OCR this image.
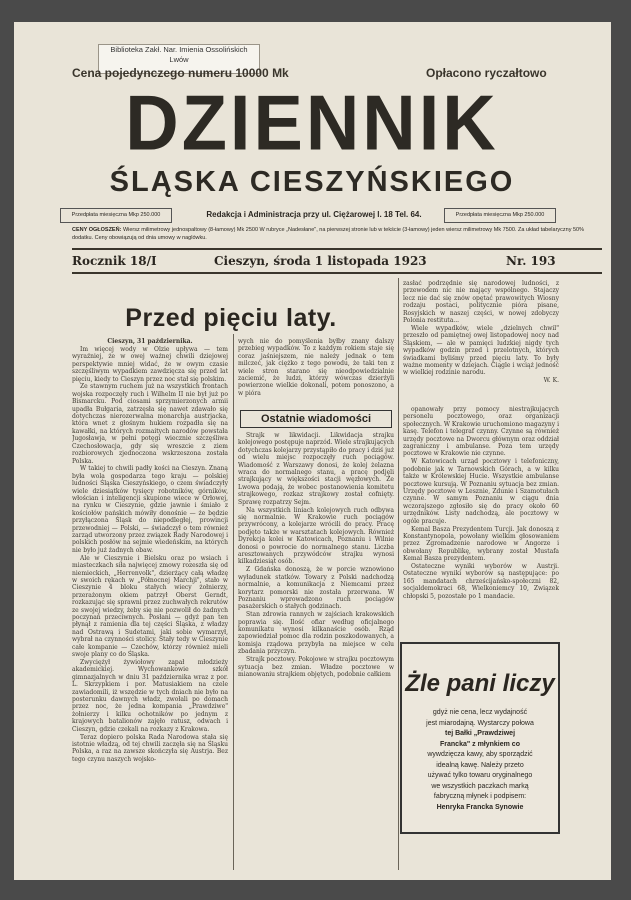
Biblioteka Zakł. Nar. Imienia Ossolińskich
Lwów
Cena pojedynczego numeru 10000 Mk	Opłacono ryczałtowo
DZIENNIK
ŚLĄSKA CIESZYŃSKIEGO
Przedpłata miesięczna Mkp 250.000	Redakcja i Administracja przy ul. Ciężarowej l. 18 Tel. 64.	Przedpłata miesięczna Mkp 250.000
CENY OGŁOSZEŃ: Wiersz milimetrowy jednospaltowy (8-łamowy) Mk 2500 W rubryce „Nadesłane", na pierwszej stronie lub w tekście (3-łamowy) jeden wiersz milimetrowy Mk 7500. Za układ tabelaryczny 50% dodatku. Ceny obowiązują od dnia umowy w naglówku.
Rocznik 18/I	Cieszyn, środa 1 listopada 1923	Nr. 193
Przed pięciu laty.

Cieszyn, 31 października.

Im więcej wody w Olzie upływa — tem wyraźniej, że w owej ważnej chwili dziejowej perspektywie mniej widać, że w owym czasie szczęśliwym wypadkiem zawdzięcza się przed lat pięciu, kiedy to Cieszyn przez noc stał się polskim.

Ze stawnym ruchem już na wszystkich frontach wojska rozpoczęły ruch i Wilhelm II nie był już po Bismarcku. Pod ciosami sprzymierzonych armii upadła Bułgaria, zatrzęsła się nawet zdawało się dotychczas nierozerwalna monarchja austrjacka, która wnet z głośnym hukiem rozpadła się na kawałki, na których rozmaitych narodów powstała Jugosławja, w pełni potęgi wiecznie szczęśliwa Czechosłowacja, gdy się wreszcie z ziem rozbiorowych zjednoczona wskrzeszona została Polska.

W takiej to chwili padły kości na Cieszyn. Znaną była wola gospodarza tego kraju — polskiej ludności Śląska Cieszyńskiego, o czem świadczyły wiele dziesiątków tysięcy robotników, górników, włościan i inteligencji skupione wiece w Orłowej, na rynku w Cieszynie, gdzie jawnie i śmiało z kościołów pańskich mówiły donośnie — że będzie przyłączona Śląsk do niepodległej, prowincji przewodniej — Polski, — świadczył o tem również zarząd utworzony przez związek Rady Narodowej i polskich posłów na sejmie wiedeńskim, na których nie było już żadnych obaw.

Ale w Cieszynie i Bielsku oraz po wsiach i miasteczkach siła najwięcej zmowy rozeszła się od niemieckich, „Herrenvolk", dzierżący całą władzę w swoich rękach w „Północnej Marchji", stało w Cieszynie 4 bloku stałych wiecy żołnierzy, przerażonym okiem patrzył Oberst Gerndt, rozkazując się sprawni przez zuchwałych rekrutów ze swojej wiedzy, żeby się nie pozwolił do żadnych poczynań przeciwnych. Posłani — gdyż pan ten płynął z ramienia dla tej części Śląska, z władzy nad Ostrawą i Sudetami, jaki sobie wymarzył, wybrał na czynności stolicy. Stały tedy w Cieszynie całe kompanie — Czechów, którzy również mieli swoje plany co do Śląska.

Zwyciężył żywiołowy zapał młodzieży akademickiej. Wychowankowie szkół gimnazjalnych w dniu 31 października wraz z por. L. Skrzypkiem i por. Matusiakiem na czele zawiadomili, iż wszędzie w tych dniach nie było na posterunku dawnych władz, zwołali po domach przez noc, że jedna kompania „Prawdziwe" żołnierzy i kilku ochotników po jednym z krajowych batalionów zajęło ratusz, odwach i Cieszyn, gdzie czekali na rozkazy z Krakowa.

Teraz dopiero polska Rada Narodowa stała się istotnie władzą, od tej chwili zaczęła się na Śląsku Polska, a raz na zawsze skończyła się Austrja. Bez tego czynu naszych wojsko-

wych nie do pomyślenia byłby znany dalszy przebieg wypadków. To z każdym rokiem staje się coraz jaśniejszem, nie należy jednak o tem milczeć, jak ciężko z tego powodu, że taki ten z wiele stron starano się nieodpowiedzialnie zaciemić, że ludzi, którzy wówczas dzierżyli powierzone wielkie dokonali, potem ponoszono, a w pióra

zasłać podrzędnie się narodowej ludności, z przewodem nic nie mający wspólnego. Stajaczy lecz nie dać się znów opętać prawowitych Wiosny rodzaju postaci, politycznie pióra pisane, Rosyjskich w naszej części, w nowej zdobyczy Polonia restituta...

Wiele wypadków, wiele „dzielnych chwil" przeszło od pamiętnej owej listopadowej nocy nad Śląskiem, — ale w pamięci ludzkiej nigdy tych wypadków godzin przed i przelotnych, których świadkami byliśmy przed pięciu laty. To były ważne momenty w dziejach. Ciągle i wciąż jedność w wielkiej rodzinie narodu.

W. K.

Ostatnie wiadomości

Strajk w likwidacji. Likwidacja strajku kolejowego postępuje naprzód. Wiele strajkujących dotychczas kolejarzy przystąpiło do pracy i dziś już od wielu miejsc rozpoczęły ruch pociągów. Wiadomość z Warszawy donosi, że kolej żelazna wraca do normalnego stanu, a pracę podjęli strajkujący w większości stacji węzłowych. Ze Lwowa podają, że wobec postanowienia komitetu strajkowego, rozkaz strajkowy został cofnięty. Sprawę rozpatrzy Sejm.

Na wszystkich liniach kolejowych ruch odbywa się normalnie. W Krakowie ruch pociągów przywrócony, a kolejarze wrócili do pracy. Pracę podjęto także w warsztatach kolejowych. Również Dyrekcja kolei w Katowicach, Poznaniu i Wilnie donosi o powrocie do normalnego stanu. Liczba aresztowanych przywódców strajku wynosi kilkadziesiąt osób.

Z Gdańska donoszą, że w porcie wznowiono wyładunek statków. Towary z Polski nadchodzą normalnie, a komunikacja z Niemcami przez korytarz pomorski nie została przerwana. W Poznaniu wprowadzono ruch pociągów pasażerskich o stałych godzinach.

Stan zdrowia rannych w zajściach krakowskich poprawia się. Ilość ofiar według oficjalnego komunikatu wynosi kilkanaście osób. Rząd zapowiedział pomoc dla rodzin poszkodowanych, a komisja rządowa przybyła na miejsce w celu zbadania przyczyn.

Strajk pocztowy. Pokojowe w strajku pocztowym sytuacja bez zmian. Władze pocztowe w mianowaniu strajkiem objętych, podobnie całkiem

opanowały przy pomocy niestrajkujących personelu pocztowego, oraz organizacji społecznych. W Krakowie uruchomiono magazyny i kasę. Telefon i telegraf czynny. Czynne są również urzędy pocztowe na Dworcu głównym oraz oddział zagraniczny i ambulanse. Poza tem urzędy pocztowe w Krakowie nie czynne.

W Katowicach urząd pocztowy i telefoniczny, podobnie jak w Tarnowskich Górach, a w kilku także w Królewskiej Hucie. Wszystkie ambulanse pocztowe kursują. W Poznaniu sytuacja bez zmian. Urzędy pocztowe w Lesznie, Zdunie i Szamotułach czynne. W samym Poznaniu w ciągu dnia wczorajszego zgłosiło się do pracy około 60 urzędników. Listy nadchodzą, ale pocztowy w ogóle pracuje.

Kemal Basza Prezydentem Turcji. Jak donoszą z Konstantynopola, powołany wielkim głosowaniem przez Zgromadzenie narodowe w Angorze i obwołany Republikę, wybrany został Mustafa Kemal Basza prezydentem.

Ostateczne wyniki wyborów w Austrji. Ostateczne wyniki wyborów są następujące: po 165 mandatach chrześcijańsko-społeczni 82, socjaldemokraci 68, Wielkoniemcy 10, Związek chłopski 5, pozostałe po 1 mandacie.

Żle pani liczy
gdyż nie cena, lecz wydajność
jest miarodajną. Wystarczy połowa
tej Bałki „Prawdziwej
Francka" z młynkiem co
wywdzięcza kawy, aby sporządzić
idealną kawę. Należy przeto
używać tylko towaru oryginalnego
we wszystkich paczkach marką
fabryczną młynek i podpisem:
Henryka Francka Synowie
